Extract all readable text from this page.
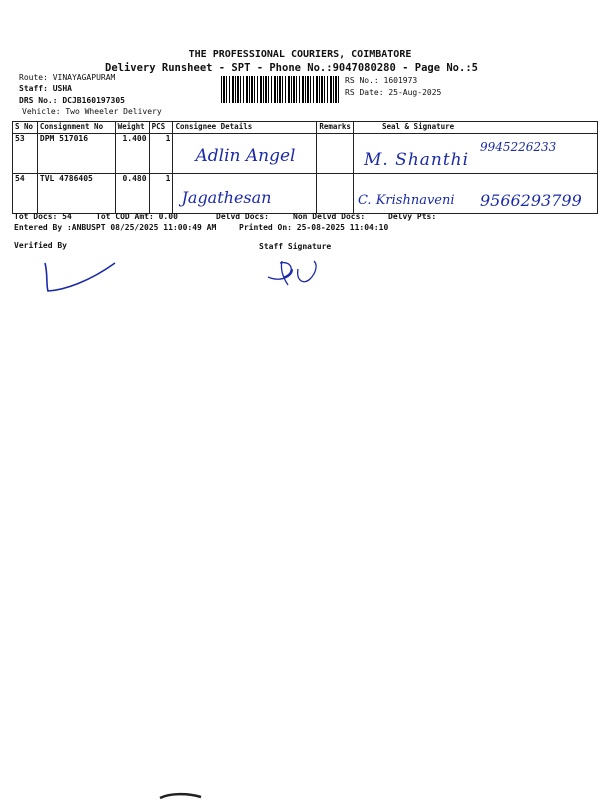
THE PROFESSIONAL COURIERS, COIMBATORE
Delivery Runsheet - SPT - Phone No.:9047080280 - Page No.:5
Route: VINAYAGAPURAM
Staff: USHA
DRS No.: DCJB160197305
Vehicle: Two Wheeler Delivery
RS No.: 1601973
RS Date: 25-Aug-2025
S No	Consignment No	Weight	PCS	Consignee Details	Remarks	Seal & Signature
53	DPM 517016	1.400	1	Adlin Angel		M. Shanthi
9945226233

54	TVL 4786405	0.480	1	Jagathesan		C. Krishnaveni 9566293799
Tot Docs: 54	Tot COD Amt: 0.00	Delvd Docs:	Non Delvd Docs:	Delvy Pts:
Entered By :ANBUSPT 08/25/2025 11:00:49 AM	Printed On: 25-08-2025 11:04:10
Verified By	Staff Signature
